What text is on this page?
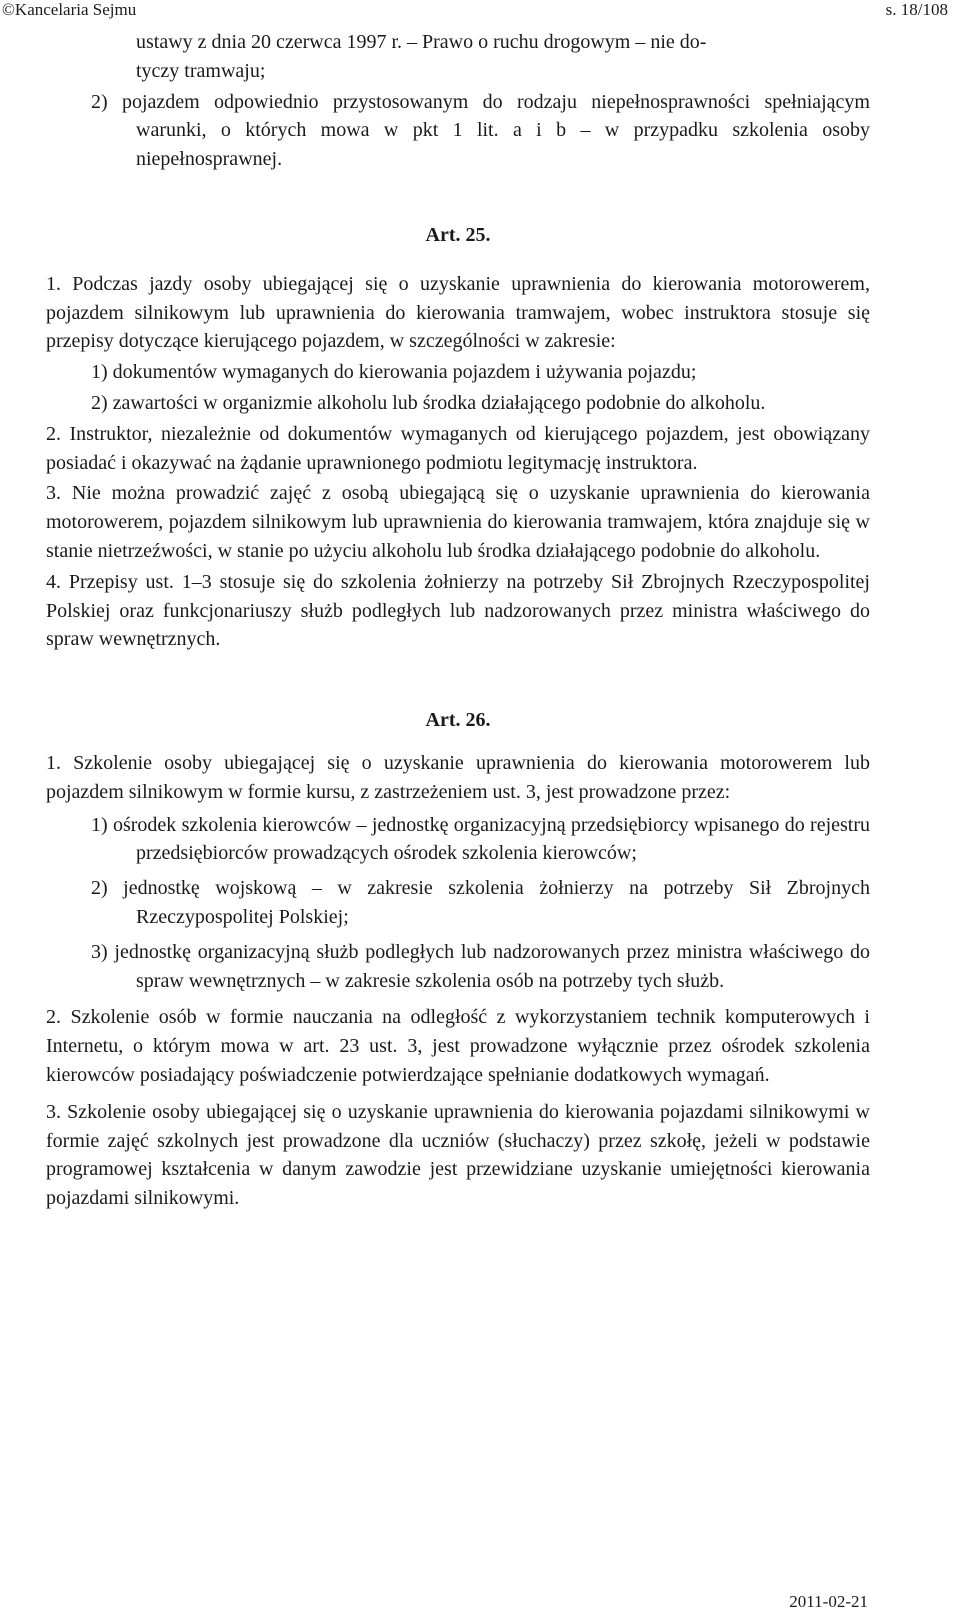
©Kancelaria Sejmu	s. 18/108

ustawy z dnia 20 czerwca 1997 r. – Prawo o ruchu drogowym – nie do-

tyczy tramwaju;

2) pojazdem odpowiednio przystosowanym do rodzaju niepełnosprawności spełniającym warunki, o których mowa w pkt 1 lit. a i b – w przypadku szkolenia osoby niepełnosprawnej.

Art. 25.

1. Podczas jazdy osoby ubiegającej się o uzyskanie uprawnienia do kierowania motorowerem, pojazdem silnikowym lub uprawnienia do kierowania tramwajem, wobec instruktora stosuje się przepisy dotyczące kierującego pojazdem, w szczególności w zakresie:

1) dokumentów wymaganych do kierowania pojazdem i używania pojazdu;

2) zawartości w organizmie alkoholu lub środka działającego podobnie do alkoholu.

2. Instruktor, niezależnie od dokumentów wymaganych od kierującego pojazdem, jest obowiązany posiadać i okazywać na żądanie uprawnionego podmiotu legitymację instruktora.

3. Nie można prowadzić zajęć z osobą ubiegającą się o uzyskanie uprawnienia do kierowania motorowerem, pojazdem silnikowym lub uprawnienia do kierowania tramwajem, która znajduje się w stanie nietrzeźwości, w stanie po użyciu alkoholu lub środka działającego podobnie do alkoholu.

4. Przepisy ust. 1–3 stosuje się do szkolenia żołnierzy na potrzeby Sił Zbrojnych Rzeczypospolitej Polskiej oraz funkcjonariuszy służb podległych lub nadzorowanych przez ministra właściwego do spraw wewnętrznych.

Art. 26.

1. Szkolenie osoby ubiegającej się o uzyskanie uprawnienia do kierowania motorowerem lub pojazdem silnikowym w formie kursu, z zastrzeżeniem ust. 3, jest prowadzone przez:

1) ośrodek szkolenia kierowców – jednostkę organizacyjną przedsiębiorcy wpisanego do rejestru przedsiębiorców prowadzących ośrodek szkolenia kierowców;

2) jednostkę wojskową – w zakresie szkolenia żołnierzy na potrzeby Sił Zbrojnych Rzeczypospolitej Polskiej;

3) jednostkę organizacyjną służb podległych lub nadzorowanych przez ministra właściwego do spraw wewnętrznych – w zakresie szkolenia osób na potrzeby tych służb.

2. Szkolenie osób w formie nauczania na odległość z wykorzystaniem technik komputerowych i Internetu, o którym mowa w art. 23 ust. 3, jest prowadzone wyłącznie przez ośrodek szkolenia kierowców posiadający poświadczenie potwierdzające spełnianie dodatkowych wymagań.

3. Szkolenie osoby ubiegającej się o uzyskanie uprawnienia do kierowania pojazdami silnikowymi w formie zajęć szkolnych jest prowadzone dla uczniów (słuchaczy) przez szkołę, jeżeli w podstawie programowej kształcenia w danym zawodzie jest przewidziane uzyskanie umiejętności kierowania pojazdami silnikowymi.

2011-02-21
